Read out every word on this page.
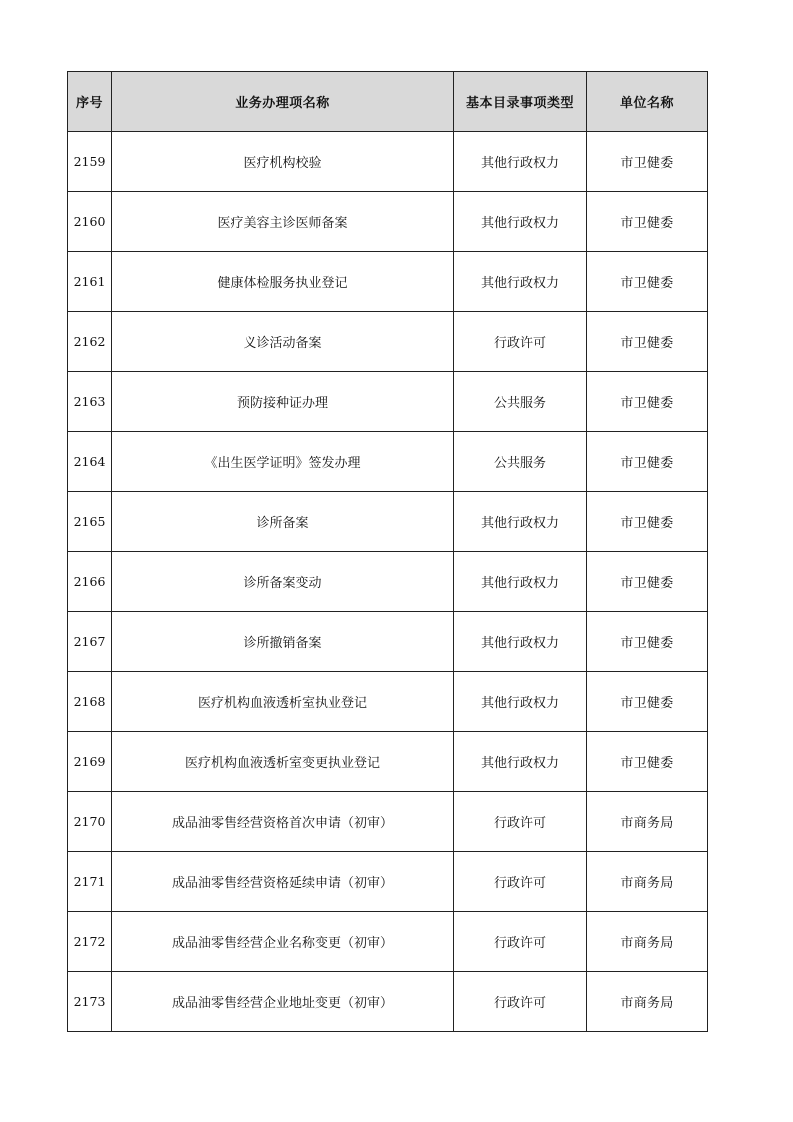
序号	业务办理项名称	基本目录事项类型	单位名称
2159	医疗机构校验	其他行政权力	市卫健委
2160	医疗美容主诊医师备案	其他行政权力	市卫健委
2161	健康体检服务执业登记	其他行政权力	市卫健委
2162	义诊活动备案	行政许可	市卫健委
2163	预防接种证办理	公共服务	市卫健委
2164	《出生医学证明》签发办理	公共服务	市卫健委
2165	诊所备案	其他行政权力	市卫健委
2166	诊所备案变动	其他行政权力	市卫健委
2167	诊所撤销备案	其他行政权力	市卫健委
2168	医疗机构血液透析室执业登记	其他行政权力	市卫健委
2169	医疗机构血液透析室变更执业登记	其他行政权力	市卫健委
2170	成品油零售经营资格首次申请（初审）	行政许可	市商务局
2171	成品油零售经营资格延续申请（初审）	行政许可	市商务局
2172	成品油零售经营企业名称变更（初审）	行政许可	市商务局
2173	成品油零售经营企业地址变更（初审）	行政许可	市商务局
